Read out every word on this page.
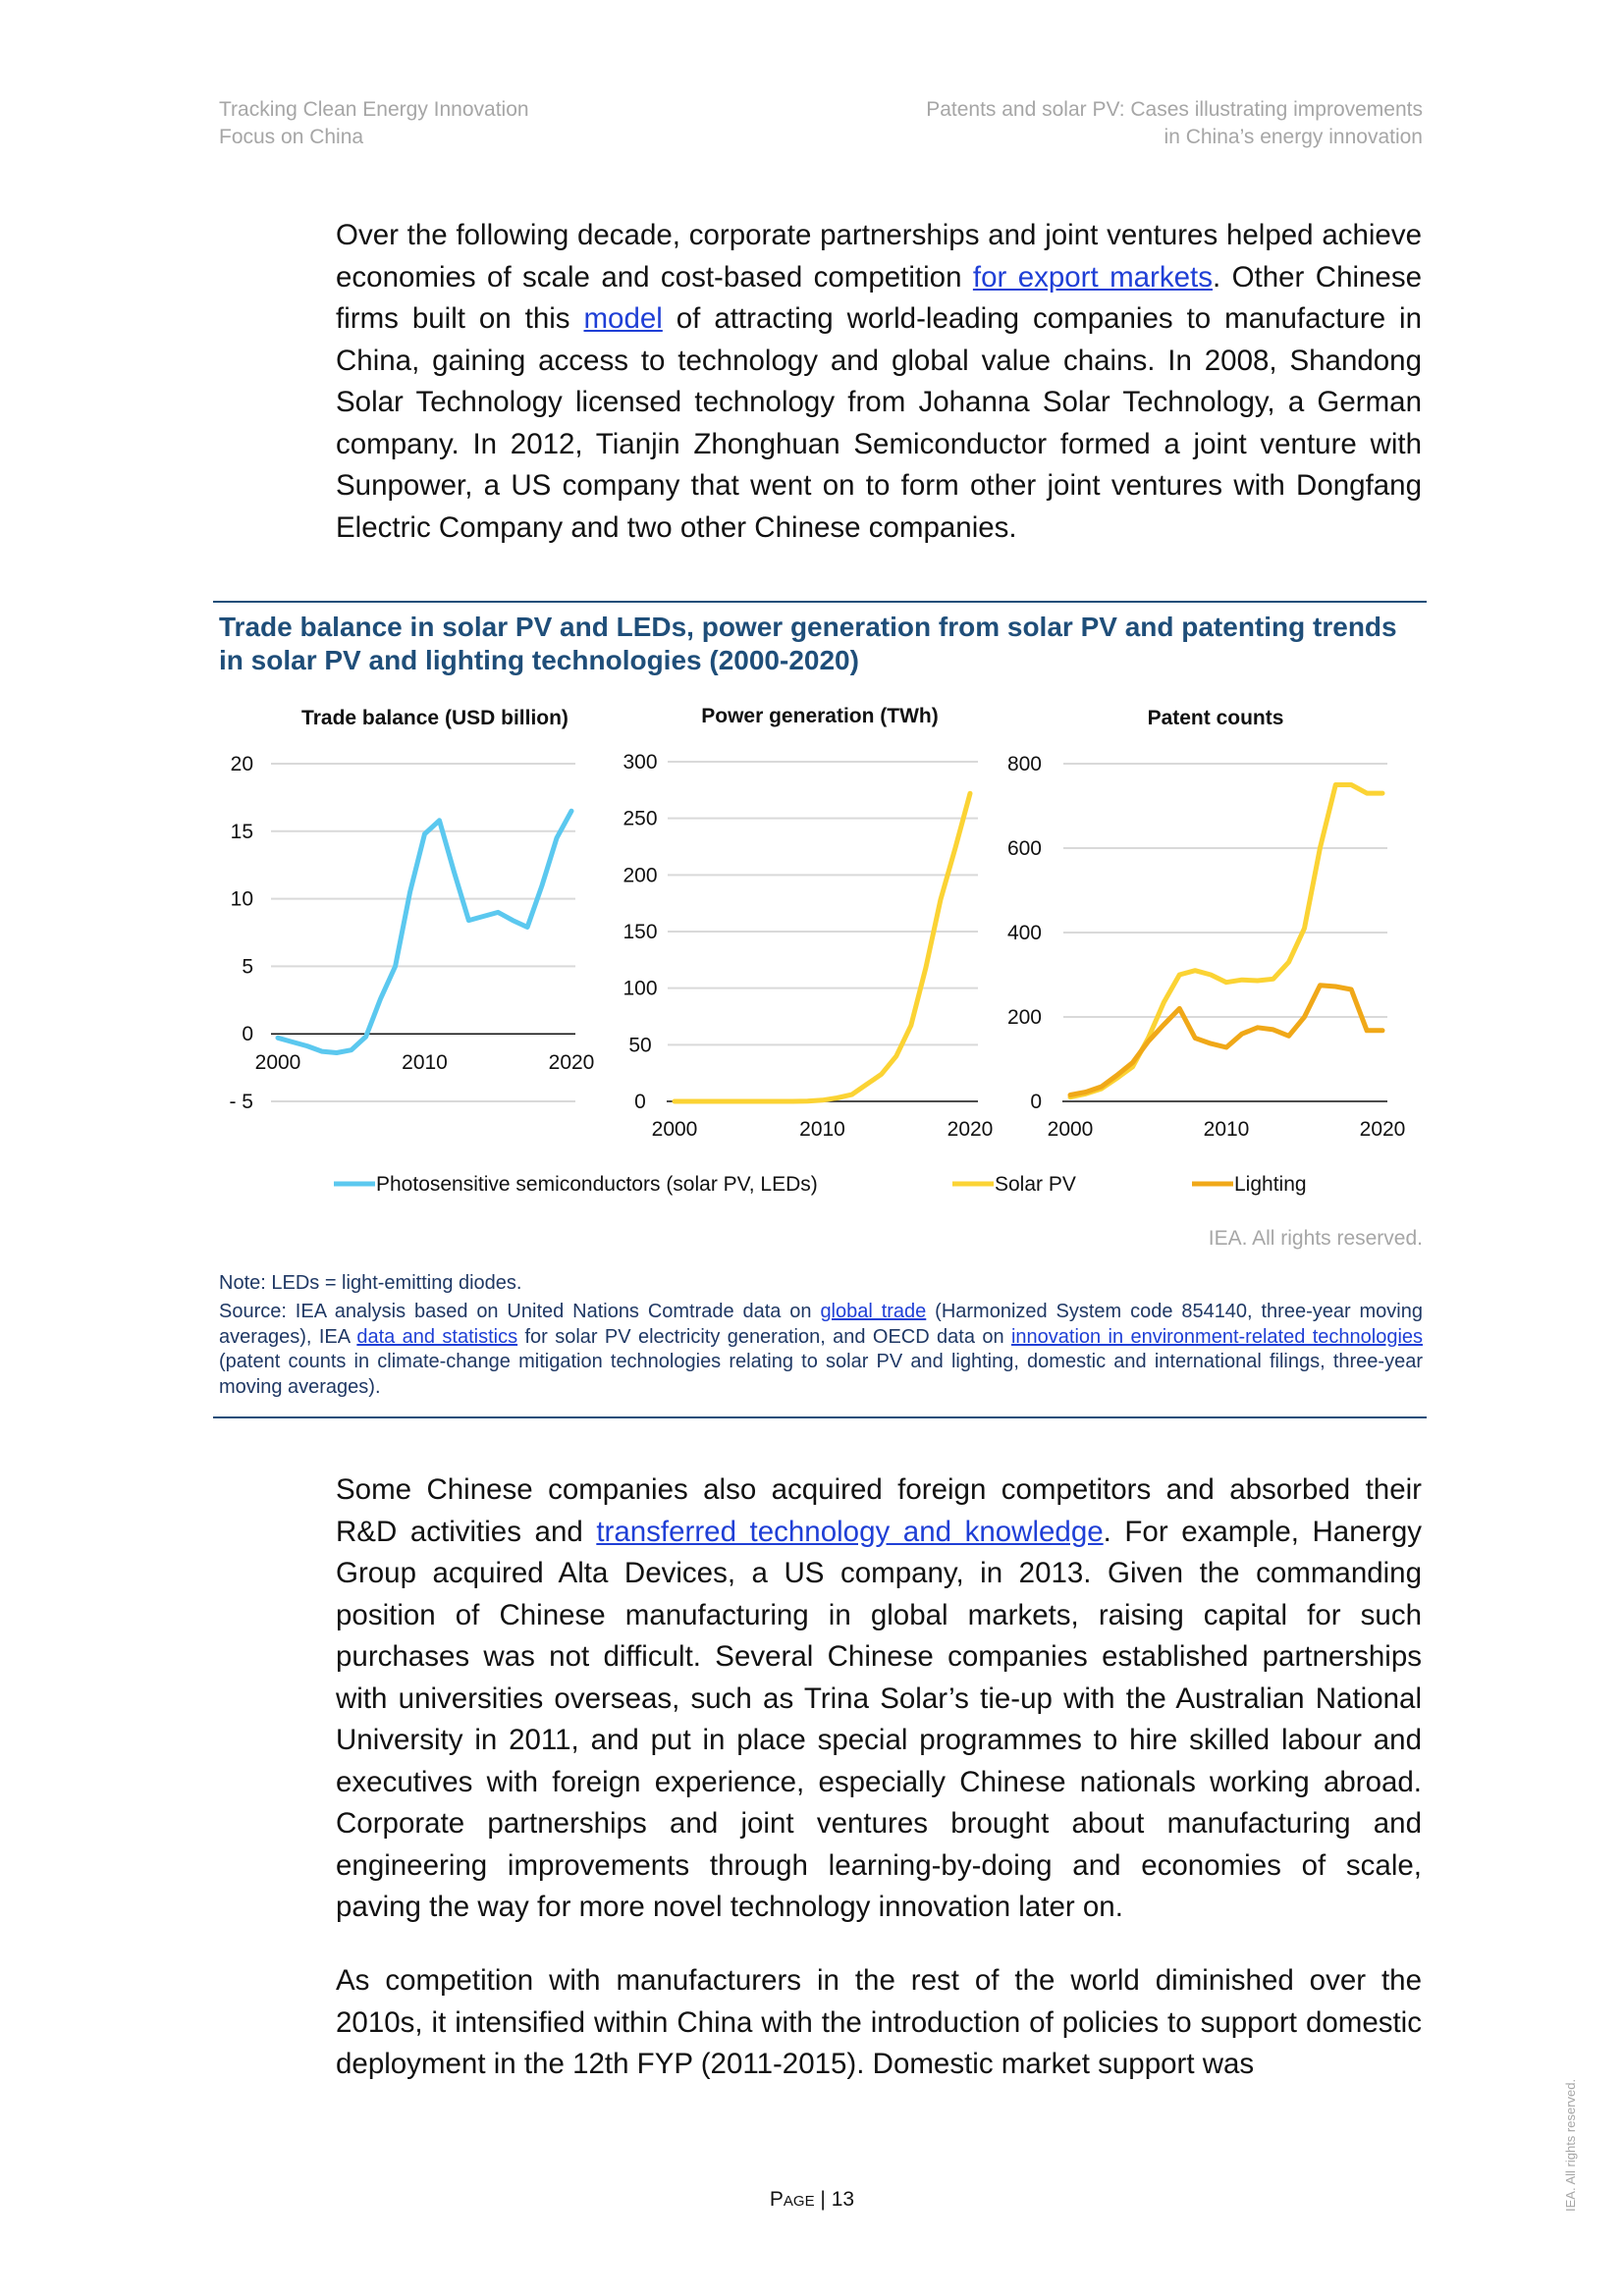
Tracking Clean Energy Innovation
Focus on China
Patents and solar PV: Cases illustrating improvements
in China’s energy innovation

Over the following decade, corporate partnerships and joint ventures helped achieve economies of scale and cost-based competition for export markets. Other Chinese firms built on this model of attracting world-leading companies to manufacture in China, gaining access to technology and global value chains. In 2008, Shandong Solar Technology licensed technology from Johanna Solar Technology, a German company. In 2012, Tianjin Zhonghuan Semiconductor formed a joint venture with Sunpower, a US company that went on to form other joint ventures with Dongfang Electric Company and two other Chinese companies.

Trade balance in solar PV and LEDs, power generation from solar PV and patenting trends in solar PV and lighting technologies (2000-2020)
Trade balance (USD billion)	Power generation (TWh)	Patent counts
20
15
10
5
0
- 5
2000	2010	2020
300
250
200
150
100
50
0
2000	2010	2020
800
600
400
200
0
2000	2010	2020
Photosensitive semiconductors (solar PV, LEDs)	Solar PV	Lighting
IEA. All rights reserved.

Note: LEDs = light-emitting diodes.

Source: IEA analysis based on United Nations Comtrade data on global trade (Harmonized System code 854140, three-year moving averages), IEA data and statistics for solar PV electricity generation, and OECD data on innovation in environment-related technologies (patent counts in climate-change mitigation technologies relating to solar PV and lighting, domestic and international filings, three-year moving averages).

Some Chinese companies also acquired foreign competitors and absorbed their R&D activities and transferred technology and knowledge. For example, Hanergy Group acquired Alta Devices, a US company, in 2013. Given the commanding position of Chinese manufacturing in global markets, raising capital for such purchases was not difficult. Several Chinese companies established partnerships with universities overseas, such as Trina Solar’s tie-up with the Australian National University in 2011, and put in place special programmes to hire skilled labour and executives with foreign experience, especially Chinese nationals working abroad. Corporate partnerships and joint ventures brought about manufacturing and engineering improvements through learning-by-doing and economies of scale, paving the way for more novel technology innovation later on.

As competition with manufacturers in the rest of the world diminished over the 2010s, it intensified within China with the introduction of policies to support domestic deployment in the 12th FYP (2011-2015). Domestic market support was

Page | 13	IEA. All rights reserved.
